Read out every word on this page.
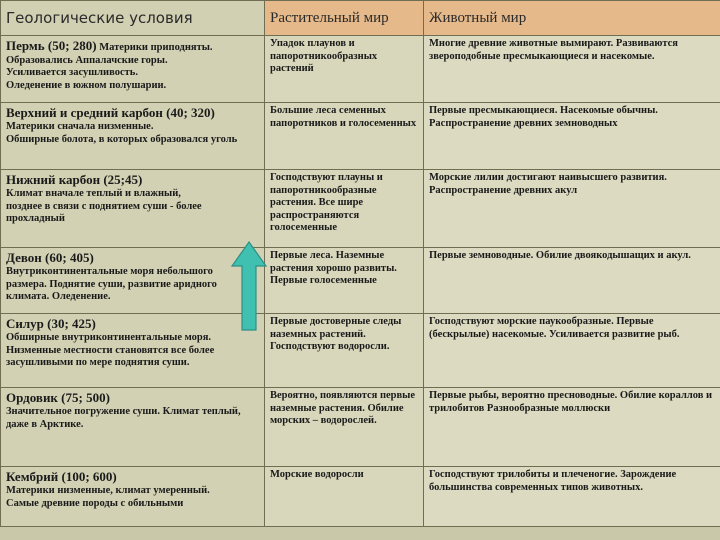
Геологические условия	Растительный мир	Животный мир
Пермь (50; 280) Материки приподняты.
Образовались Аппалачские горы.
Усиливается засушливость.
Оледенение в южном полушарии.	Упадок плаунов и папоротникообразных растений	Многие древние животные вымирают. Развиваются звероподобные пресмыкающиеся и насекомые.

Верхний и средний карбон (40; 320)
Материки сначала низменные.
Обширные болота, в которых образовался уголь	Большие леса семенных папоротников и голосеменных	Первые пресмыкающиеся. Насекомые обычны. Распространение древних земноводных

Нижний карбон (25;45)
Климат вначале теплый и влажный, позднее в связи с поднятием суши - более прохладный	Господствуют плауны и папоротникообразные растения. Все шире распространяются голосеменные	Морские лилии достигают наивысшего развития. Распространение древних акул

Девон (60; 405)
Внутриконтинентальные моря небольшого размера. Поднятие суши, развитие аридного климата. Оледенение.	Первые леса. Наземные растения хорошо развиты. Первые голосеменные	Первые земноводные. Обилие двоякодышащих и акул.

Силур (30; 425)
Обширные внутриконтинентальные моря. Низменные местности становятся все более засушливыми по мере поднятия суши.	Первые достоверные следы наземных растений. Господствуют водоросли.	Господствуют морские паукообразные. Первые (бескрылые) насекомые. Усиливается развитие рыб.

Ордовик (75; 500)
Значительное погружение суши. Климат теплый, даже в Арктике.	Вероятно, появляются первые наземные растения. Обилие морских – водорослей.	Первые рыбы, вероятно пресноводные. Обилие кораллов и трилобитов Разнообразные моллюски

Кембрий (100; 600)
Материки низменные, климат умеренный.
Самые древние породы с обильными	Морские водоросли	Господствуют трилобиты и плеченогие. Зарождение большинства современных типов животных.
